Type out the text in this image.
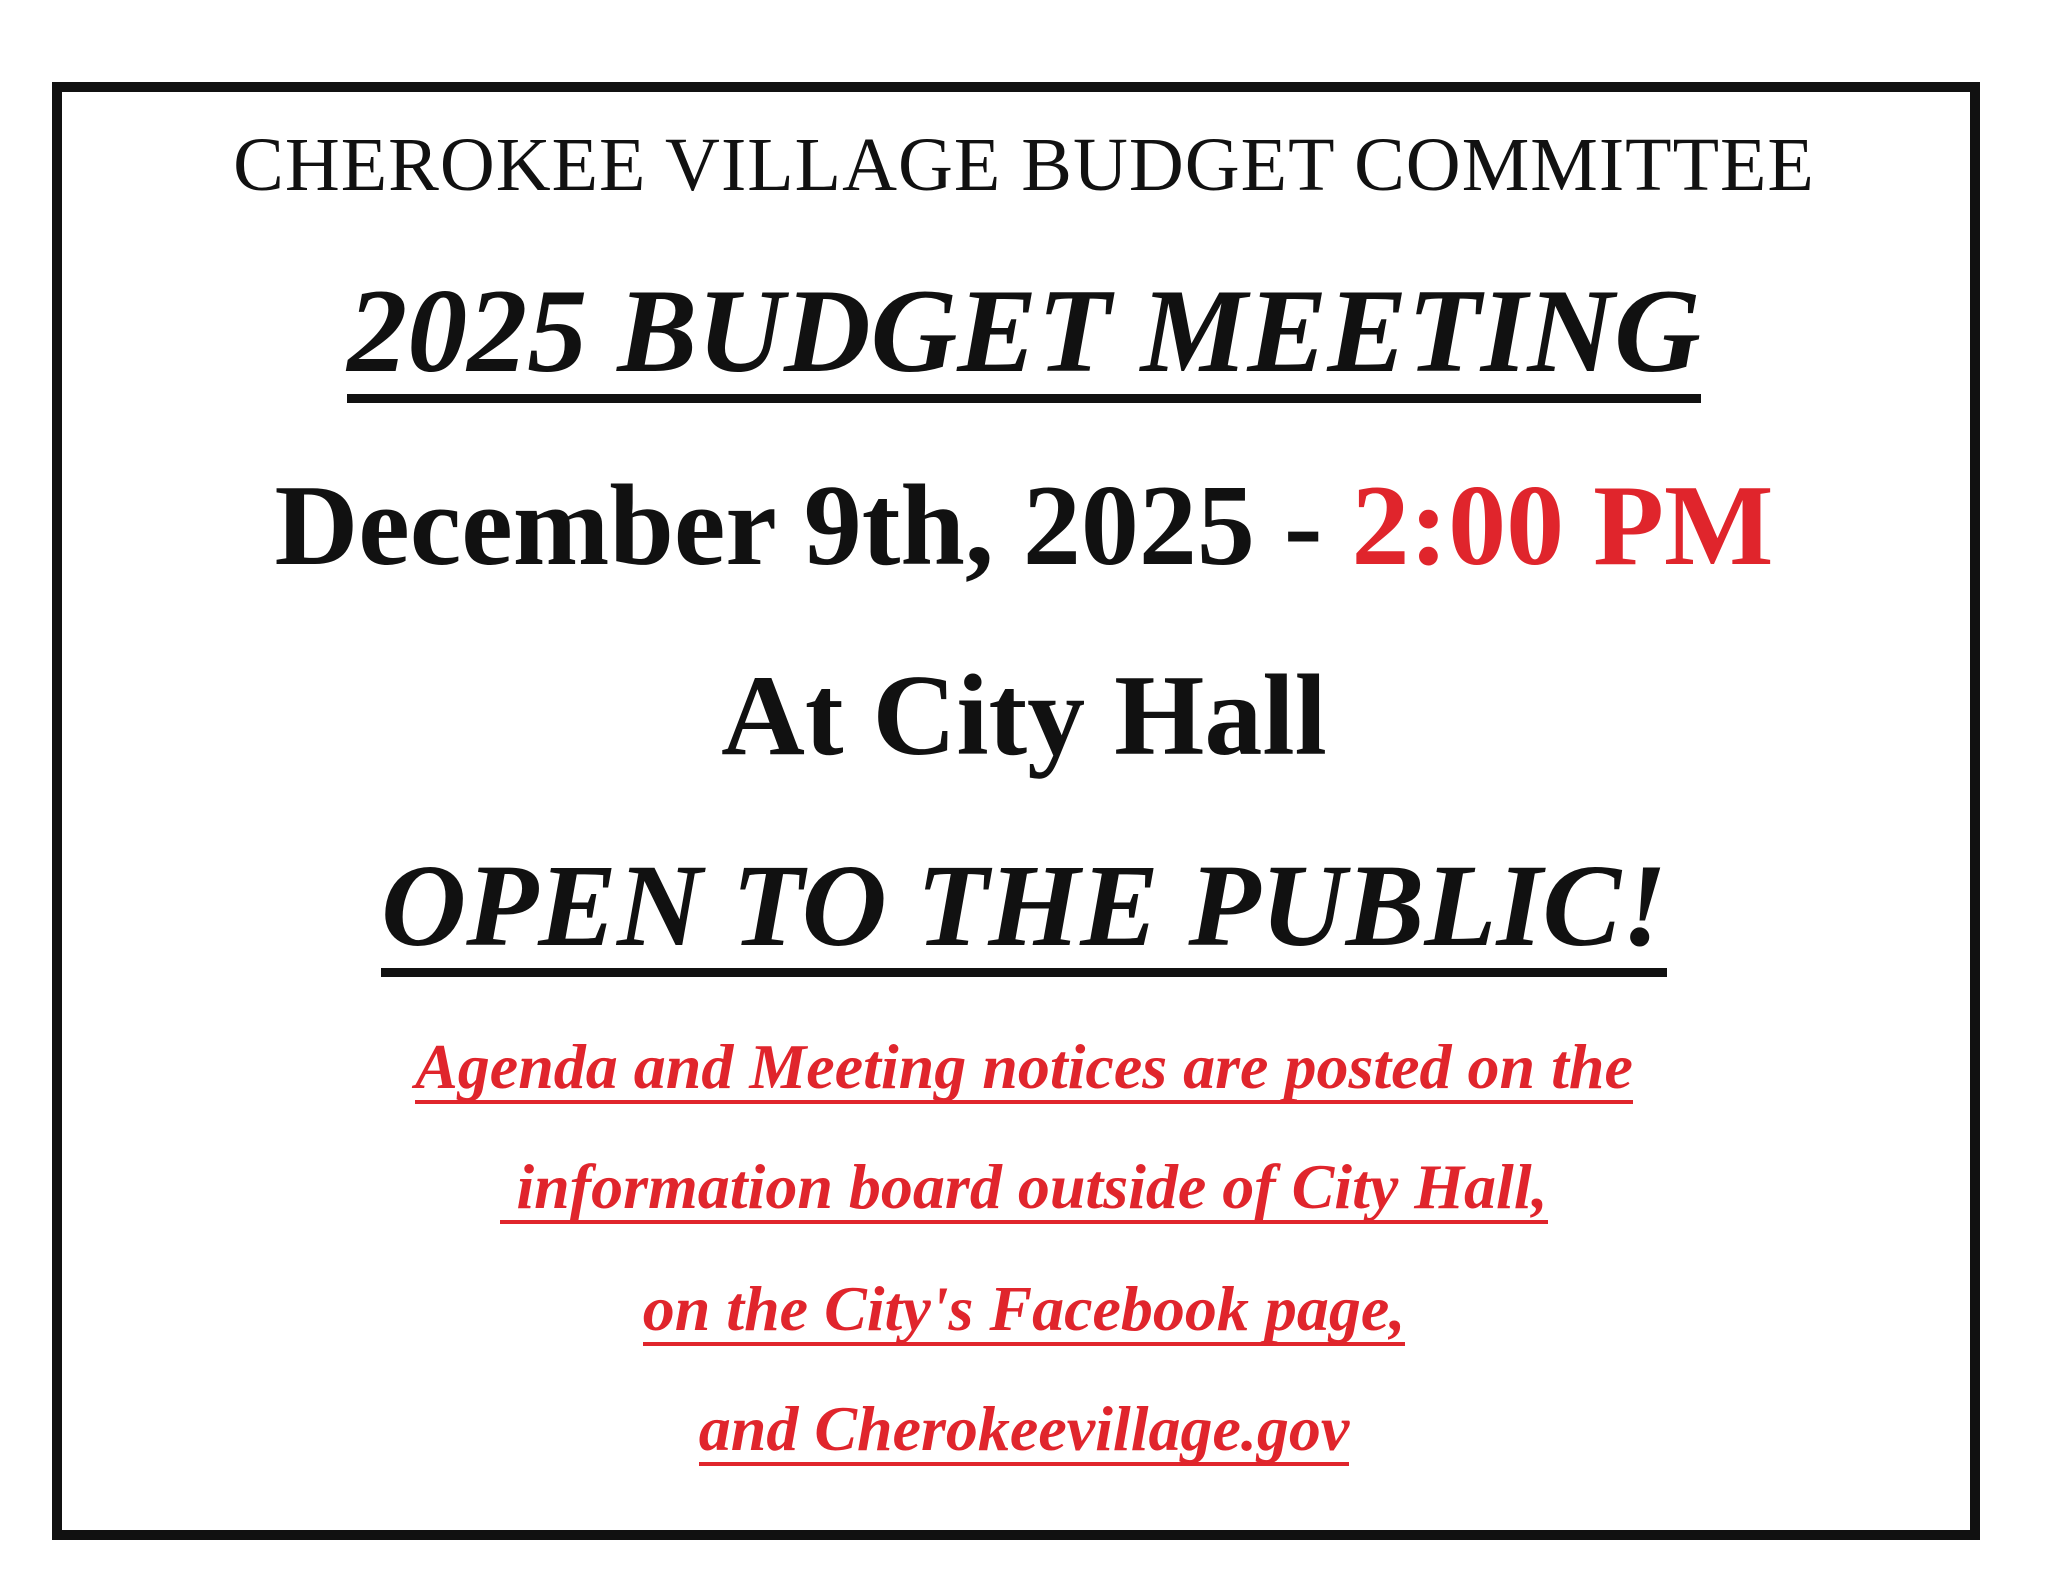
CHEROKEE VILLAGE BUDGET COMMITTEE
2025 BUDGET MEETING
December 9th, 2025 - 2:00 PM
At City Hall
OPEN TO THE PUBLIC!
Agenda and Meeting notices are posted on the
information board outside of City Hall,
on the City's Facebook page,
and Cherokeevillage.gov
